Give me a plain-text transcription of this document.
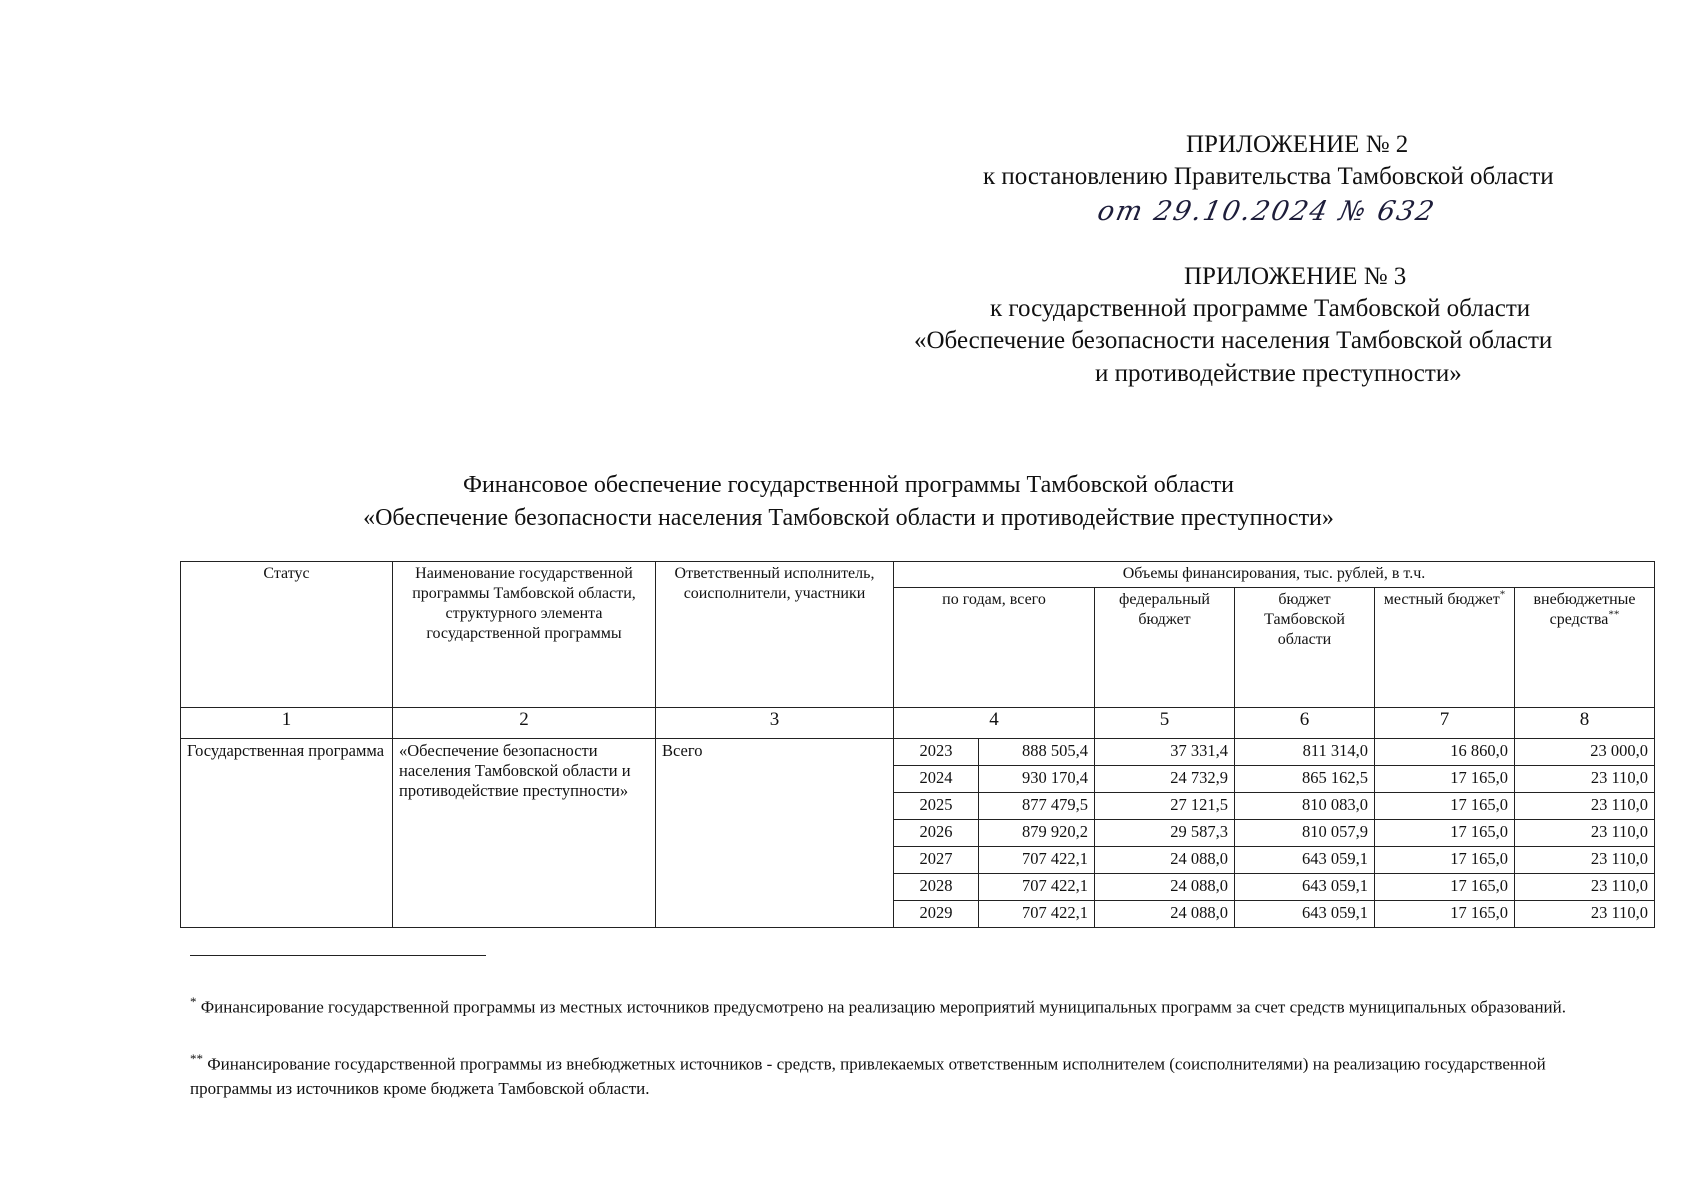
ПРИЛОЖЕНИЕ № 2
к постановлению Правительства Тамбовской области
от 29.10.2024 № 632
ПРИЛОЖЕНИЕ № 3
к государственной программе Тамбовской области
«Обеспечение безопасности населения Тамбовской области
и противодействие преступности»
Финансовое обеспечение государственной программы Тамбовской области
«Обеспечение безопасности населения Тамбовской области и противодействие преступности»
Статус	Наименование государственной программы Тамбовской области, структурного элемента государственной программы	Ответственный исполнитель, соисполнители, участники	Объемы финансирования, тыс. рублей, в т.ч.					
			по годам, всего		федеральный бюджет	бюджет Тамбовской области	местный бюджет*	внебюджетные средства**
1	2	3	4		5	6	7	8
Государственная программа	«Обеспечение безопасности населения Тамбовской области и противодействие преступности»	Всего	2023	888 505,4	37 331,4	811 314,0	16 860,0	23 000,0
			2024	930 170,4	24 732,9	865 162,5	17 165,0	23 110,0
			2025	877 479,5	27 121,5	810 083,0	17 165,0	23 110,0
			2026	879 920,2	29 587,3	810 057,9	17 165,0	23 110,0
			2027	707 422,1	24 088,0	643 059,1	17 165,0	23 110,0
			2028	707 422,1	24 088,0	643 059,1	17 165,0	23 110,0
			2029	707 422,1	24 088,0	643 059,1	17 165,0	23 110,0
* Финансирование государственной программы из местных источников предусмотрено на реализацию мероприятий муниципальных программ за счет средств муниципальных образований.
** Финансирование государственной программы из внебюджетных источников - средств, привлекаемых ответственным исполнителем (соисполнителями) на реализацию государственной программы из источников кроме бюджета Тамбовской области.
